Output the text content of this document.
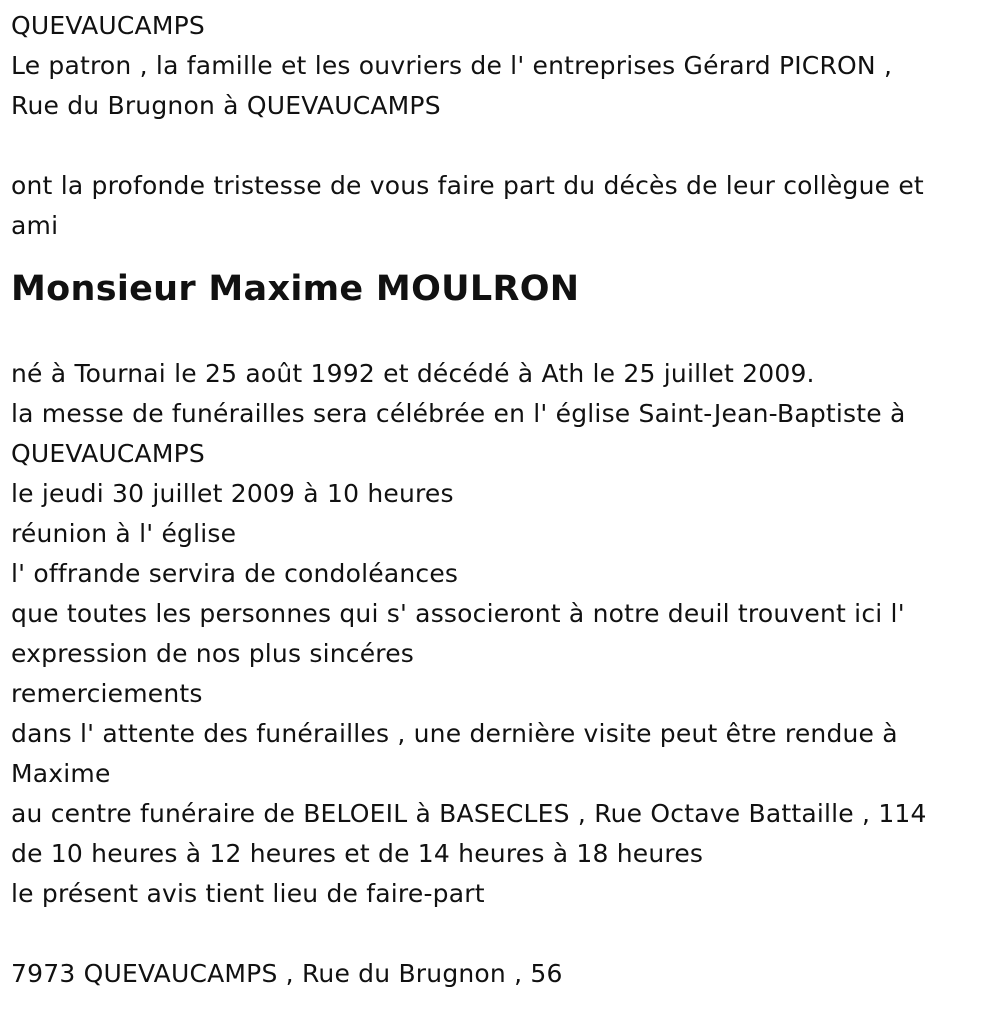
QUEVAUCAMPS
Le patron , la famille et les ouvriers de l' entreprises Gérard PICRON ,
Rue du Brugnon à QUEVAUCAMPS
ont la profonde tristesse de vous faire part du décès de leur collègue et
ami
Monsieur Maxime MOULRON
né à Tournai le 25 août 1992 et décédé à Ath le 25 juillet 2009.
la messe de funérailles sera célébrée en l' église Saint-Jean-Baptiste à
QUEVAUCAMPS
le jeudi 30 juillet 2009 à 10 heures
réunion à l' église
l' offrande servira de condoléances
que toutes les personnes qui s' associeront à notre deuil trouvent ici l'
expression de nos plus sincéres
remerciements
dans l' attente des funérailles , une dernière visite peut être rendue à
Maxime
au centre funéraire de BELOEIL à BASECLES , Rue Octave Battaille , 114
de 10 heures à 12 heures et de 14 heures à 18 heures
le présent avis tient lieu de faire-part
7973 QUEVAUCAMPS , Rue du Brugnon , 56
